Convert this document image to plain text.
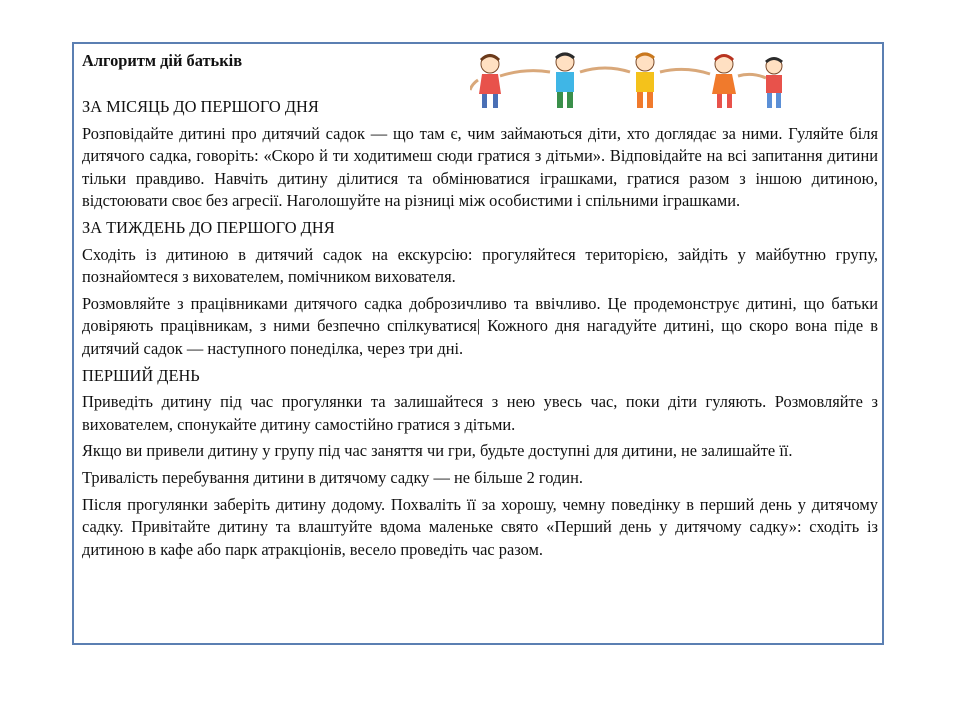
Алгоритм дій батьків

ЗА МІСЯЦЬ ДО ПЕРШОГО ДНЯ

Розповідайте дитині про дитячий садок — що там є, чим займаються діти, хто доглядає за ними. Гуляйте біля дитячого садка, говоріть: «Скоро й ти ходитимеш сюди гратися з дітьми». Відповідайте на всі запитання дитини тільки правдиво. Навчіть дитину ділитися та обмінюватися іграшками, гратися разом з іншою дитиною, відстоювати своє без агресії. Наголошуйте на різниці між особистими і спільними іграшками.

ЗА ТИЖДЕНЬ ДО ПЕРШОГО ДНЯ

Сходіть із дитиною в дитячий садок на екскурсію: прогуляйтеся територією, зайдіть у майбутню групу, познайомтеся з вихователем, помічником вихователя.

Розмовляйте з працівниками дитячого садка доброзичливо та ввічливо. Це продемонструє дитині, що батьки довіряють працівникам, з ними безпечно спілкуватися| Кожного дня нагадуйте дитині, що скоро вона піде в дитячий садок — наступного понеділка, через три дні.

ПЕРШИЙ ДЕНЬ

Приведіть дитину під час прогулянки та залишайтеся з нею увесь час, поки діти гуляють. Розмовляйте з вихователем, спонукайте дитину самостійно гратися з дітьми.

Якщо ви привели дитину у групу під час заняття чи гри, будьте доступні для дитини, не залишайте її.

Тривалість перебування дитини в дитячому садку — не більше 2 годин.

Після прогулянки заберіть дитину додому. Похваліть її за хорошу, чемну поведінку в перший день у дитячому садку. Привітайте дитину та влаштуйте вдома маленьке свято «Перший день у дитячому садку»: сходіть із дитиною в кафе або парк атракціонів, весело проведіть час разом.
